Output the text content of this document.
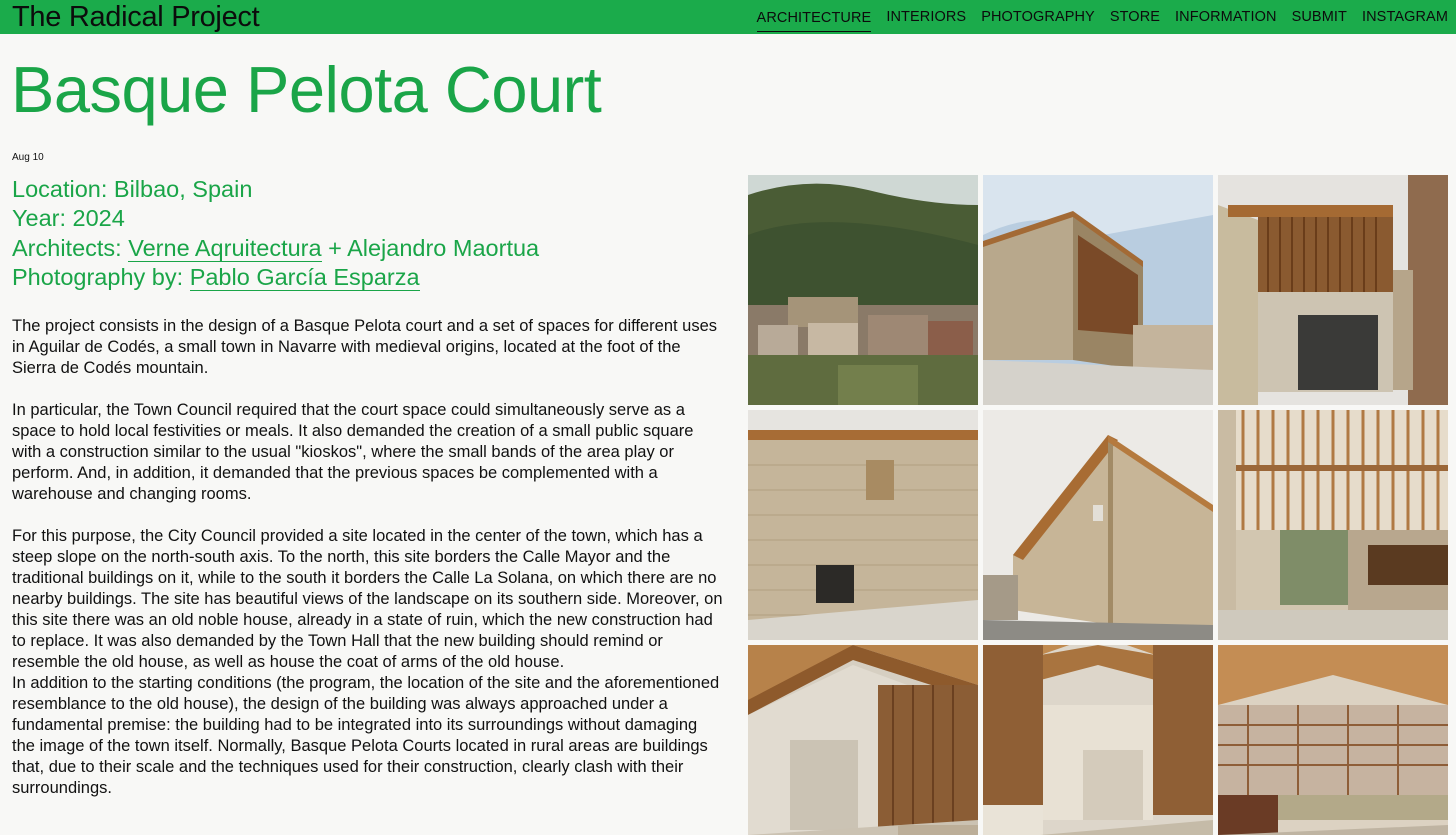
The Radical Project	ARCHITECTURE INTERIORS PHOTOGRAPHY STORE INFORMATION SUBMIT INSTAGRAM
Basque Pelota Court
Aug 10
Location: Bilbao, Spain
Year: 2024
Architects: Verne Aqruitectura + Alejandro Maortua
Photography by: Pablo García Esparza

The project consists in the design of a Basque Pelota court and a set of spaces for different uses in Aguilar de Codés, a small town in Navarre with medieval origins, located at the foot of the Sierra de Codés mountain.

In particular, the Town Council required that the court space could simultaneously serve as a space to hold local festivities or meals. It also demanded the creation of a small public square with a construction similar to the usual "kioskos", where the small bands of the area play or perform. And, in addition, it demanded that the previous spaces be complemented with a warehouse and changing rooms.

For this purpose, the City Council provided a site located in the center of the town, which has a steep slope on the north-south axis. To the north, this site borders the Calle Mayor and the traditional buildings on it, while to the south it borders the Calle La Solana, on which there are no nearby buildings. The site has beautiful views of the landscape on its southern side. Moreover, on this site there was an old noble house, already in a state of ruin, which the new construction had to replace. It was also demanded by the Town Hall that the new building should remind or resemble the old house, as well as house the coat of arms of the old house.

In addition to the starting conditions (the program, the location of the site and the aforementioned resemblance to the old house), the design of the building was always approached under a fundamental premise: the building had to be integrated into its surroundings without damaging the image of the town itself. Normally, Basque Pelota Courts located in rural areas are buildings that, due to their scale and the techniques used for their construction, clearly clash with their surroundings.
